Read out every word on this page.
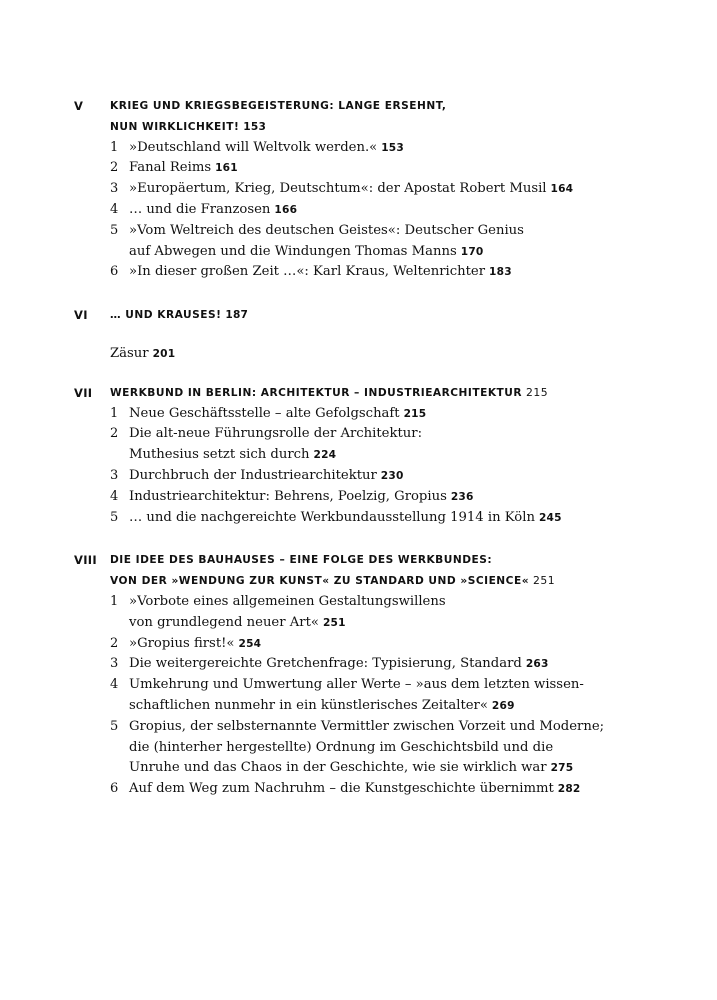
V	KRIEG UND KRIEGSBEGEISTERUNG: LANGE ERSEHNT,
NUN WIRKLICHKEIT! 153
1 »Deutschland will Weltvolk werden.« 153
2 Fanal Reims 161
3 »Europäertum, Krieg, Deutschtum«: der Apostat Robert Musil 164
4 … und die Franzosen 166
5 »Vom Weltreich des deutschen Geistes«: Deutscher Genius
auf Abwegen und die Windungen Thomas Manns 170
6 »In dieser großen Zeit …«: Karl Kraus, Weltenrichter 183
VI … UND KRAUSES! 187
Zäsur 201
VII WERKBUND IN BERLIN: ARCHITEKTUR – INDUSTRIEARCHITEKTUR 215
1 Neue Geschäftsstelle – alte Gefolgschaft 215
2 Die alt-neue Führungsrolle der Architektur:
Muthesius setzt sich durch 224
3 Durchbruch der Industriearchitektur 230
4 Industriearchitektur: Behrens, Poelzig, Gropius 236
5 … und die nachgereichte Werkbundausstellung 1914 in Köln 245
VIII DIE IDEE DES BAUHAUSES – EINE FOLGE DES WERKBUNDES:
VON DER »WENDUNG ZUR KUNST« ZU STANDARD UND »SCIENCE« 251
1 »Vorbote eines allgemeinen Gestaltungswillens
von grundlegend neuer Art« 251
2 »Gropius first!« 254
3 Die weitergereichte Gretchenfrage: Typisierung, Standard 263
4 Umkehrung und Umwertung aller Werte – »aus dem letzten wissen-
schaftlichen nunmehr in ein künstlerisches Zeitalter« 269
5 Gropius, der selbsternannte Vermittler zwischen Vorzeit und Moderne;
die (hinterher hergestellte) Ordnung im Geschichtsbild und die
Unruhe und das Chaos in der Geschichte, wie sie wirklich war 275
6 Auf dem Weg zum Nachruhm – die Kunstgeschichte übernimmt 282
